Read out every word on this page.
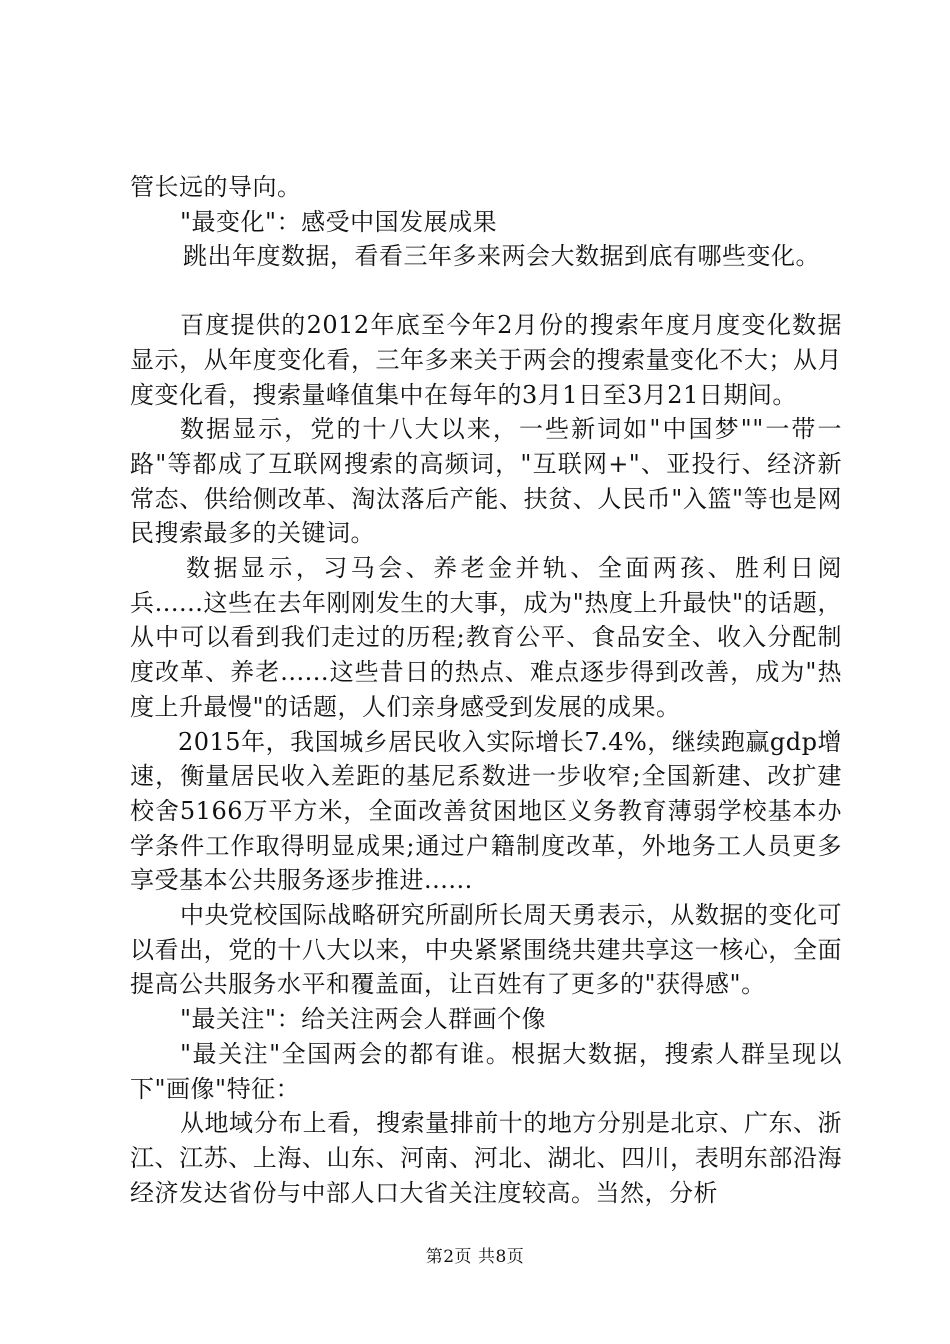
管长远的导向。

"最变化"：感受中国发展成果

跳出年度数据，看看三年多来两会大数据到底有哪些变化。

百度提供的2012年底至今年2月份的搜索年度月度变化数据显示，从年度变化看，三年多来关于两会的搜索量变化不大；从月度变化看，搜索量峰值集中在每年的3月1日至3月21日期间。

数据显示，党的十八大以来，一些新词如"中国梦""一带一路"等都成了互联网搜索的高频词，"互联网+"、亚投行、经济新常态、供给侧改革、淘汰落后产能、扶贫、人民币"入篮"等也是网民搜索最多的关键词。

数据显示，习马会、养老金并轨、全面两孩、胜利日阅兵......这些在去年刚刚发生的大事，成为"热度上升最快"的话题，从中可以看到我们走过的历程;教育公平、食品安全、收入分配制度改革、养老......这些昔日的热点、难点逐步得到改善，成为"热度上升最慢"的话题，人们亲身感受到发展的成果。

2015年，我国城乡居民收入实际增长7.4%，继续跑赢gdp增速，衡量居民收入差距的基尼系数进一步收窄;全国新建、改扩建校舍5166万平方米，全面改善贫困地区义务教育薄弱学校基本办学条件工作取得明显成果;通过户籍制度改革，外地务工人员更多享受基本公共服务逐步推进......

中央党校国际战略研究所副所长周天勇表示，从数据的变化可以看出，党的十八大以来，中央紧紧围绕共建共享这一核心，全面提高公共服务水平和覆盖面，让百姓有了更多的"获得感"。

"最关注"：给关注两会人群画个像

"最关注"全国两会的都有谁。根据大数据，搜索人群呈现以下"画像"特征：

从地域分布上看，搜索量排前十的地方分别是北京、广东、浙江、江苏、上海、山东、河南、河北、湖北、四川，表明东部沿海经济发达省份与中部人口大省关注度较高。当然，分析

第2页 共8页
